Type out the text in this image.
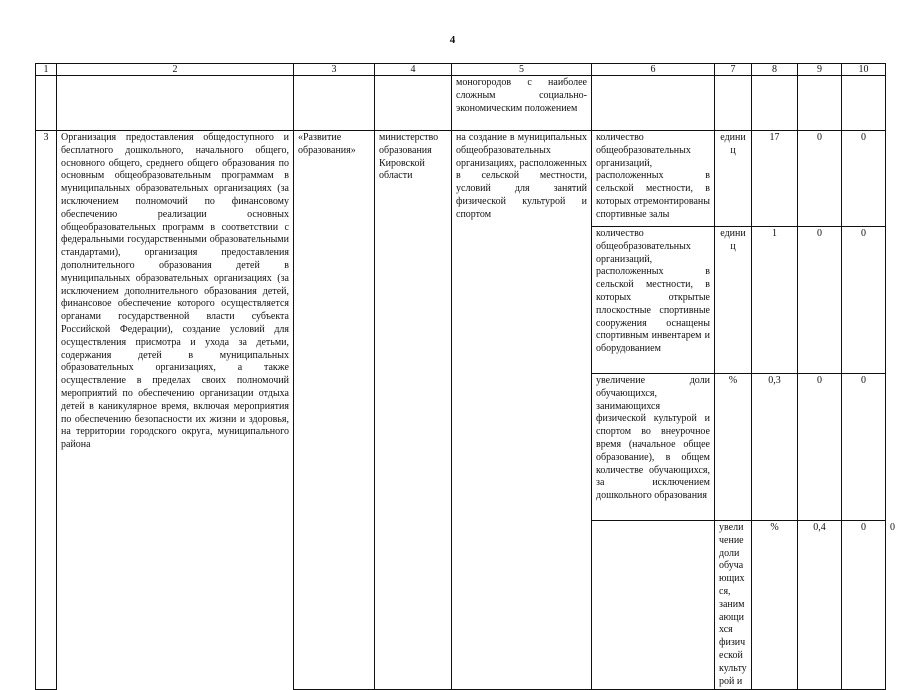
4
1	2	3	4	5	6	7	8	9	10	
				моногородов с наиболее сложным социально-экономическим положением						
3	Организация предоставления общедоступного и бесплатного дошкольного, начального общего, основного общего, среднего общего образования по основным общеобразовательным программам в муниципальных образовательных организациях (за исключением полномочий по финансовому обеспечению реализации основных общеобразовательных программ в соответствии с федеральными государственными образовательными стандартами), организация предоставления дополнительного образования детей в муниципальных образовательных организациях (за исключением дополнительного образования детей, финансовое обеспечение которого осуществляется органами государственной власти субъекта Российской Федерации), создание условий для осуществления присмотра и ухода за детьми, содержания детей в муниципальных образовательных организациях, а также осуществление в пределах своих полномочий мероприятий по обеспечению организации отдыха детей в каникулярное время, включая мероприятия по обеспечению безопасности их жизни и здоровья, на территории городского округа, муниципального района	«Развитие образования»	министерство образования Кировской области	на создание в муниципальных общеобразовательных организациях, расположенных в сельской местности, условий для занятий физической культурой и спортом	количество общеобразовательных организаций, расположенных в сельской местности, в которых отремонтированы спортивные залы	единиц	17	0	0	
					количество общеобразовательных организаций, расположенных в сельской местности, в которых открытые плоскостные спортивные сооружения оснащены спортивным инвентарем и оборудованием	единиц	1	0	0	
					увеличение доли обучающихся, занимающихся физической культурой и спортом во внеурочное время (начальное общее образование), в общем количестве обучающихся, за исключением дошкольного образования	%	0,3	0	0	
						увеличение доли обучающихся, занимающихся физической культурой и	%	0,4	0	0
